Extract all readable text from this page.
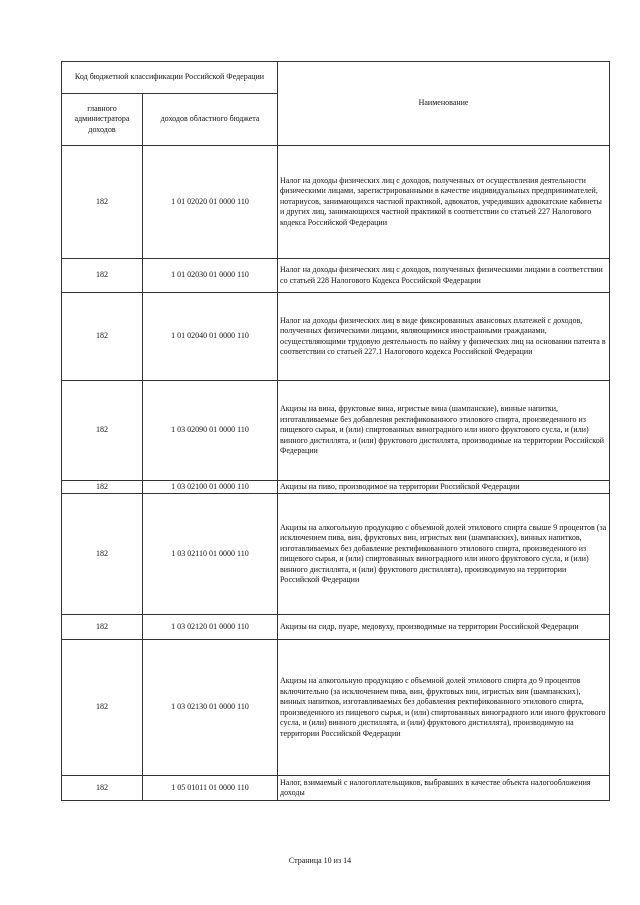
Код бюджетной классификации Российской Федерации		Наименование
главного администратора доходов	доходов областного бюджета	
182	1 01 02020 01 0000 110	Налог на доходы физических лиц с доходов, полученных от осуществления деятельности физическими лицами, зарегистрированными в качестве индивидуальных предпринимателей, нотариусов, занимающихся частной практикой, адвокатов, учредивших адвокатские кабинеты и других лиц, занимающихся частной практикой в соответствии со статьей 227 Налогового кодекса Российской Федерации
182	1 01 02030 01 0000 110	Налог на доходы физических лиц с доходов, полученных физическими лицами в соответствии со статьей 228 Налогового Кодекса Российской Федерации
182	1 01 02040 01 0000 110	Налог на доходы физических лиц в виде фиксированных авансовых платежей с доходов, полученных физическими лицами, являющимися иностранными гражданами, осуществляющими трудовую деятельность по найму у физических лиц на основании патента в соответствии со статьей 227.1 Налогового кодекса Российской Федерации
182	1 03 02090 01 0000 110	Акцизы на вина, фруктовые вина, игристые вина (шампанские), винные напитки, изготавливаемые без добавления ректификованного этилового спирта, произведенного из пищевого сырья, и (или) спиртованных виноградного или иного фруктового сусла, и (или) винного дистиллята, и (или) фруктового дистиллята, производимые на территории Российской Федерации
182	1 03 02100 01 0000 110	Акцизы на пиво, производимое на территории Российской Федерации
182	1 03 02110 01 0000 110	Акцизы на алкогольную продукцию с объемной долей этилового спирта свыше 9 процентов (за исключением пива, вин, фруктовых вин, игристых вин (шампанских), винных напитков, изготавливаемых без добавление ректификованного этилового спирта, произведенного из пищевого сырья, и (или) спиртованных виноградного или иного фруктового сусла, и (или) винного дистиллята, и (или) фруктового дистиллята), производимую на территории Российской Федерации
182	1 03 02120 01 0000 110	Акцизы на сидр, пуаре, медовуху, производимые на территории Российской Федерации
182	1 03 02130 01 0000 110	Акцизы на алкогольную продукцию с объемной долей этилового спирта до 9 процентов включительно (за исключением пива, вин, фруктовых вин, игристых вин (шампанских), винных напитков, изготавливаемых без добавления ректификованного этилового спирта, произведенного из пищевого сырья, и (или) спиртованных виноградного или иного фруктового сусла, и (или) винного дистиллята, и (или) фруктового дистиллята), производимую на территории Российской Федерации
182	1 05 01011 01 0000 110	Налог, взимаемый с налогоплательщиков, выбравших в качестве объекта налогообложения доходы
Страница 10 из 14
